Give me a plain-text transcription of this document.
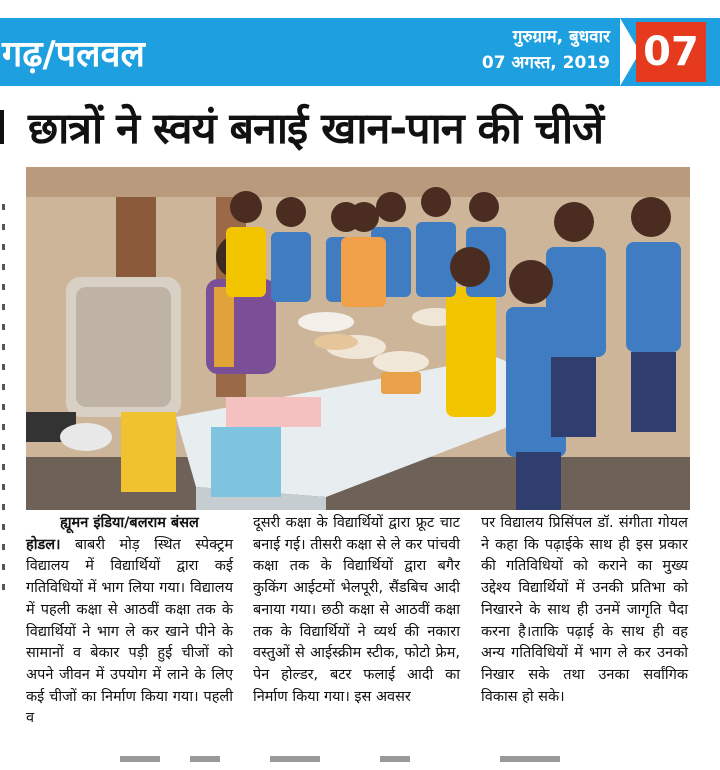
गढ़/पलवल	गुरुग्राम, बुधवार
07 अगस्त, 2019 07
छात्रों ने स्वयं बनाई खान-पान की चीजें
ह्यूमन इंडिया/बलराम बंसल
होडल। बाबरी मोड़ स्थित स्पेक्ट्रम विद्यालय में विद्यार्थियों द्वारा कई गतिविधियों में भाग लिया गया। विद्यालय में पहली कक्षा से आठवीं कक्षा तक के विद्यार्थियों ने भाग ले कर खाने पीने के सामानों व बेकार पड़ी हुई चीजों को अपने जीवन में उपयोग में लाने के लिए कई चीजों का निर्माण किया गया। पहली व
दूसरी कक्षा के विद्यार्थियों द्वारा फ्रूट चाट बनाई गई। तीसरी कक्षा से ले कर पांचवी कक्षा तक के विद्यार्थियों द्वारा बगैर कुकिंग आईटमों भेलपूरी, सैंडबिच आदी बनाया गया। छठी कक्षा से आठवीं कक्षा तक के विद्यार्थियों ने व्यर्थ की नकारा वस्तुओं से आईस्क्रीम स्टीक, फोटो फ्रेम, पेन होल्डर, बटर फलाई आदी का निर्माण किया गया। इस अवसर
पर विद्यालय प्रिसिंपल डॉ. संगीता गोयल ने कहा कि पढ़ाईके साथ ही इस प्रकार की गतिविधियों को कराने का मुख्य उद्देश्य विद्यार्थियों में उनकी प्रतिभा को निखारने के साथ ही उनमें जागृति पैदा करना है।ताकि पढ़ाई के साथ ही वह अन्य गतिविधियों में भाग ले कर उनको निखार सके तथा उनका सर्वांगिक विकास हो सके।
